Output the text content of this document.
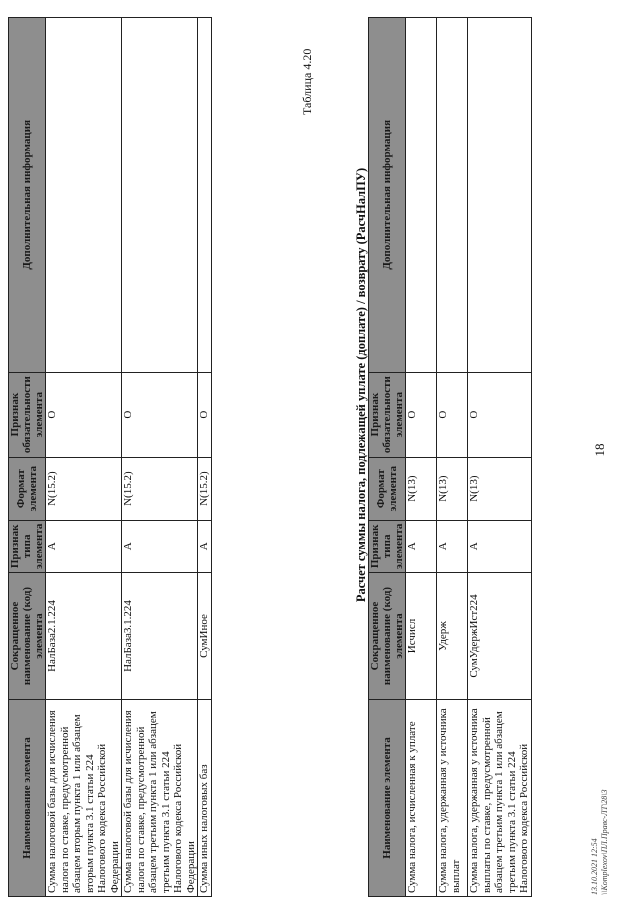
Наименование элемента	Сокращенное наименование (код) элемента	Признак типа элемента	Формат элемента	Признак обязательности элемента	Дополнительная информация
Сумма налоговой базы для исчисления налога по ставке, предусмотренной абзацем вторым пункта 1 или абзацем вторым пункта 3.1 статьи 224 Налогового кодекса Российской Федерации	НалБаза2.1.224	А	N(15.2)	О	
Сумма налоговой базы для исчисления налога по ставке, предусмотренной абзацем третьим пункта 1 или абзацем третьим пункта 3.1 статьи 224 Налогового кодекса Российской Федерации	НалБаза3.1.224	А	N(15.2)	О	
Сумма иных налоговых баз	СумИное	А	N(15.2)	О	
Таблица 4.20
Расчет суммы налога, подлежащей уплате (доплате) / возврату (РасчНалПУ)
Наименование элемента	Сокращенное наименование (код) элемента	Признак типа элемента	Формат элемента	Признак обязательности элемента	Дополнительная информация
Сумма налога, исчисленная к уплате	Исчисл	А	N(13)	О	
Сумма налога, удержанная у источника выплат	Удерж	А	N(13)	О	
Сумма налога, удержанная у источника выплаты по ставке, предусмотренной абзацем третьим пункта 1 или абзацем третьим пункта 3.1 статьи 224 Налогового кодекса Российской	СумУдержИст224	А	N(13)	О	
18
13.10.2021 12:54 \\Komplexov\ПЛ.Правс-ЛТ\28\3
